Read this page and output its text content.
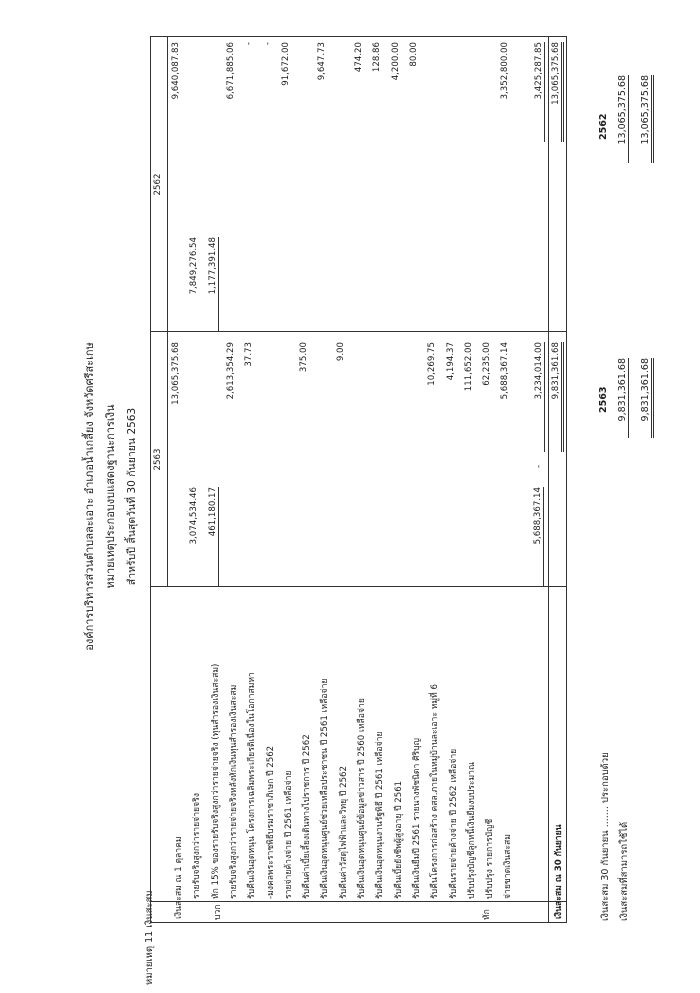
องค์การบริหารส่วนตำบลละเอาะ อำเภอน้ำเกลี้ยง จังหวัดศรีสะเกษ หมายเหตุประกอบงบแสดงฐานะการเงิน สำหรับปี สิ้นสุดวันที่ 30 กันยายน 2563
หมายเหตุ 11 เงินสะสม
2563
2562
บวก	หัก
เงินสะสม ณ 1 ตุลาคม
13,065,375.68
9,640,087.83
รายรับจริงสูงกว่ารายจ่ายจริง
3,074,534.46
7,849,276.54
หัก 15% ของรายรับจริงสูงกว่ารายจ่ายจริง (ทุนสำรองเงินสะสม)
461,180.17
1,177,391.48
รายรับจริงสูงกว่ารายจ่ายจริงหลังหักเงินทุนสำรองเงินสะสม
2,613,354.29
6,671,885.06
รับคืนเงินอุดหนุน โครงการเฉลิมพระเกียรติเนื่องในโอกาสมหา
37.73
-
-มงคลพระราชพิธีบรมราชาภิเษก ปี 2562
-
รายจ่ายค้างจ่าย ปี 2561 เหลือจ่าย
91,672.00
รับคืนค่าเบี้ยเลี้ยงเดินทางไปราชการ ปี 2562
375.00
รับคืนเงินอุดหนุนศูนย์ช่วยเหลือประชาชน ปี 2561 เหลือจ่าย
9,647.73
รับคืนค่าวัสดุไฟฟ้าและวิทยุ ปี 2562
9.00
รับคืนเงินอุดหนุนศูนย์ข้อมูลข่าวสาร ปี 2560 เหลือจ่าย
474.20
รับคืนเงินอุดหนุนงานรัฐพิธี ปี 2561 เหลือจ่าย
128.86
รับคืนเบี้ยยังชีพผู้สูงอายุ ปี 2561
4,200.00
รับคืนเงินยืมปี 2561 รายนางพัชนิดา ศิริบุญ
80.00
รับคืนโครงการก่อสร้าง คสล.ภายในหมู่บ้านละเอาะ หมู่ที่ 6
10,269.75
รับคืนรายจ่ายค้างจ่าย ปี 2562 เหลือจ่าย
4,194.37
ปรับปรุงบัญชีลูกหนี้เงินยืมงบประมาณ
111,652.00
ปรับปรุง รายการบัญชี
62,235.00
จ่ายขาดเงินสะสม
5,688,367.14
3,352,800.00
5,688,367.14
-
3,234,014.00
3,425,287.85
เงินสะสม ณ 30 กันยายน
9,831,361.68
13,065,375.68
เงินสะสม 30 กันยายน ....... ประกอบด้วย เงินสะสมที่สามารถใช้ได้
2563
2562
9,831,361.68
13,065,375.68
9,831,361.68
13,065,375.68
